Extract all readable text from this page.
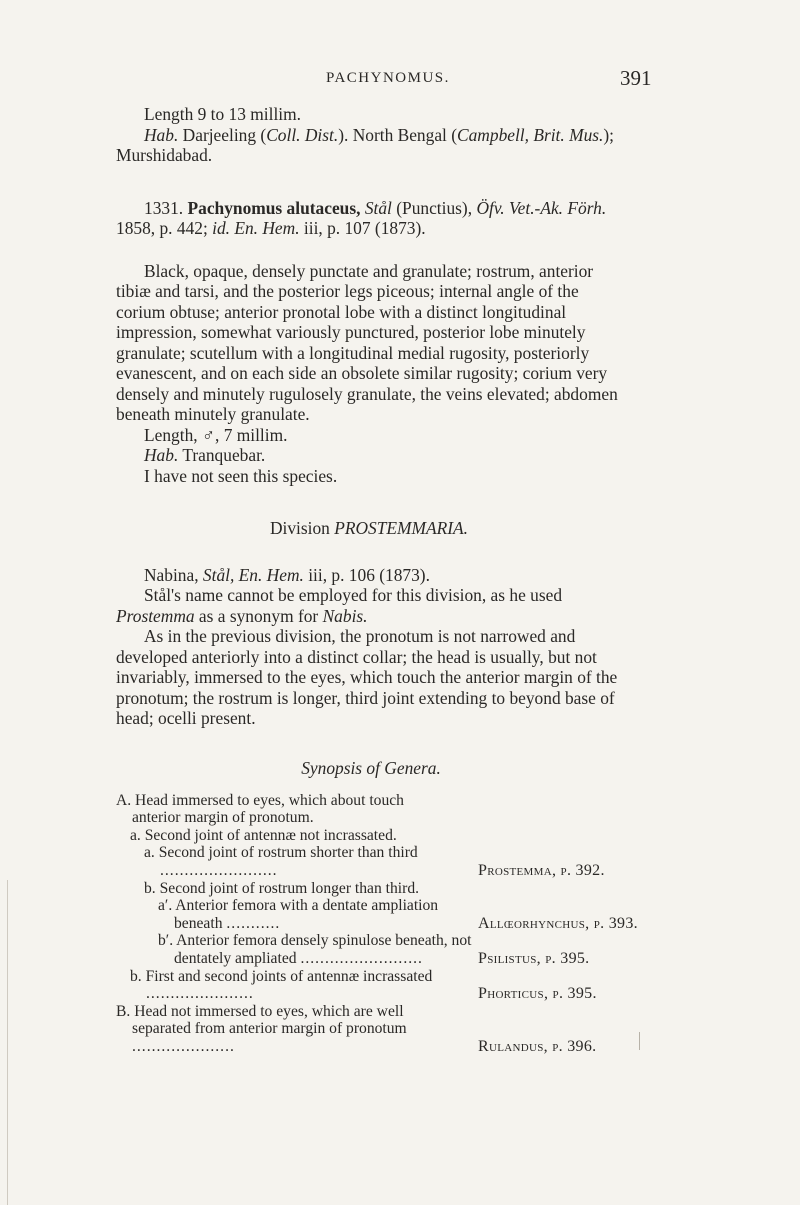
PACHYNOMUS.	391

Length 9 to 13 millim.

Hab. Darjeeling (Coll. Dist.). North Bengal (Campbell, Brit. Mus.); Murshidabad.

1331. Pachynomus alutaceus, Stål (Punctius), Öfv. Vet.-Ak. Förh. 1858, p. 442; id. En. Hem. iii, p. 107 (1873).

Black, opaque, densely punctate and granulate; rostrum, anterior tibiæ and tarsi, and the posterior legs piceous; internal angle of the corium obtuse; anterior pronotal lobe with a distinct longitudinal impression, somewhat variously punctured, posterior lobe minutely granulate; scutellum with a longitudinal medial rugosity, posteriorly evanescent, and on each side an obsolete similar rugosity; corium very densely and minutely rugulosely granulate, the veins elevated; abdomen beneath minutely granulate.

Length, ♂, 7 millim.

Hab. Tranquebar.

I have not seen this species.

Division PROSTEMMARIA.

Nabina, Stål, En. Hem. iii, p. 106 (1873).

Stål's name cannot be employed for this division, as he used Prostemma as a synonym for Nabis.

As in the previous division, the pronotum is not narrowed and developed anteriorly into a distinct collar; the head is usually, but not invariably, immersed to the eyes, which touch the anterior margin of the pronotum; the rostrum is longer, third joint extending to beyond base of head; ocelli present.

Synopsis of Genera.

A. Head immersed to eyes, which about touch anterior margin of pronotum.

a. Second joint of antennæ not incrassated.

a. Second joint of rostrum shorter than third ........................	Prostemma, p. 392.

b. Second joint of rostrum longer than third.

a′. Anterior femora with a dentate ampliation beneath ...........	Allœorhynchus, p. 393.

b′. Anterior femora densely spinulose beneath, not dentately ampliated .........................	Psilistus, p. 395.

b. First and second joints of antennæ incrassated ......................	Phorticus, p. 395.

B. Head not immersed to eyes, which are well separated from anterior margin of pronotum .....................	Rulandus, p. 396.
